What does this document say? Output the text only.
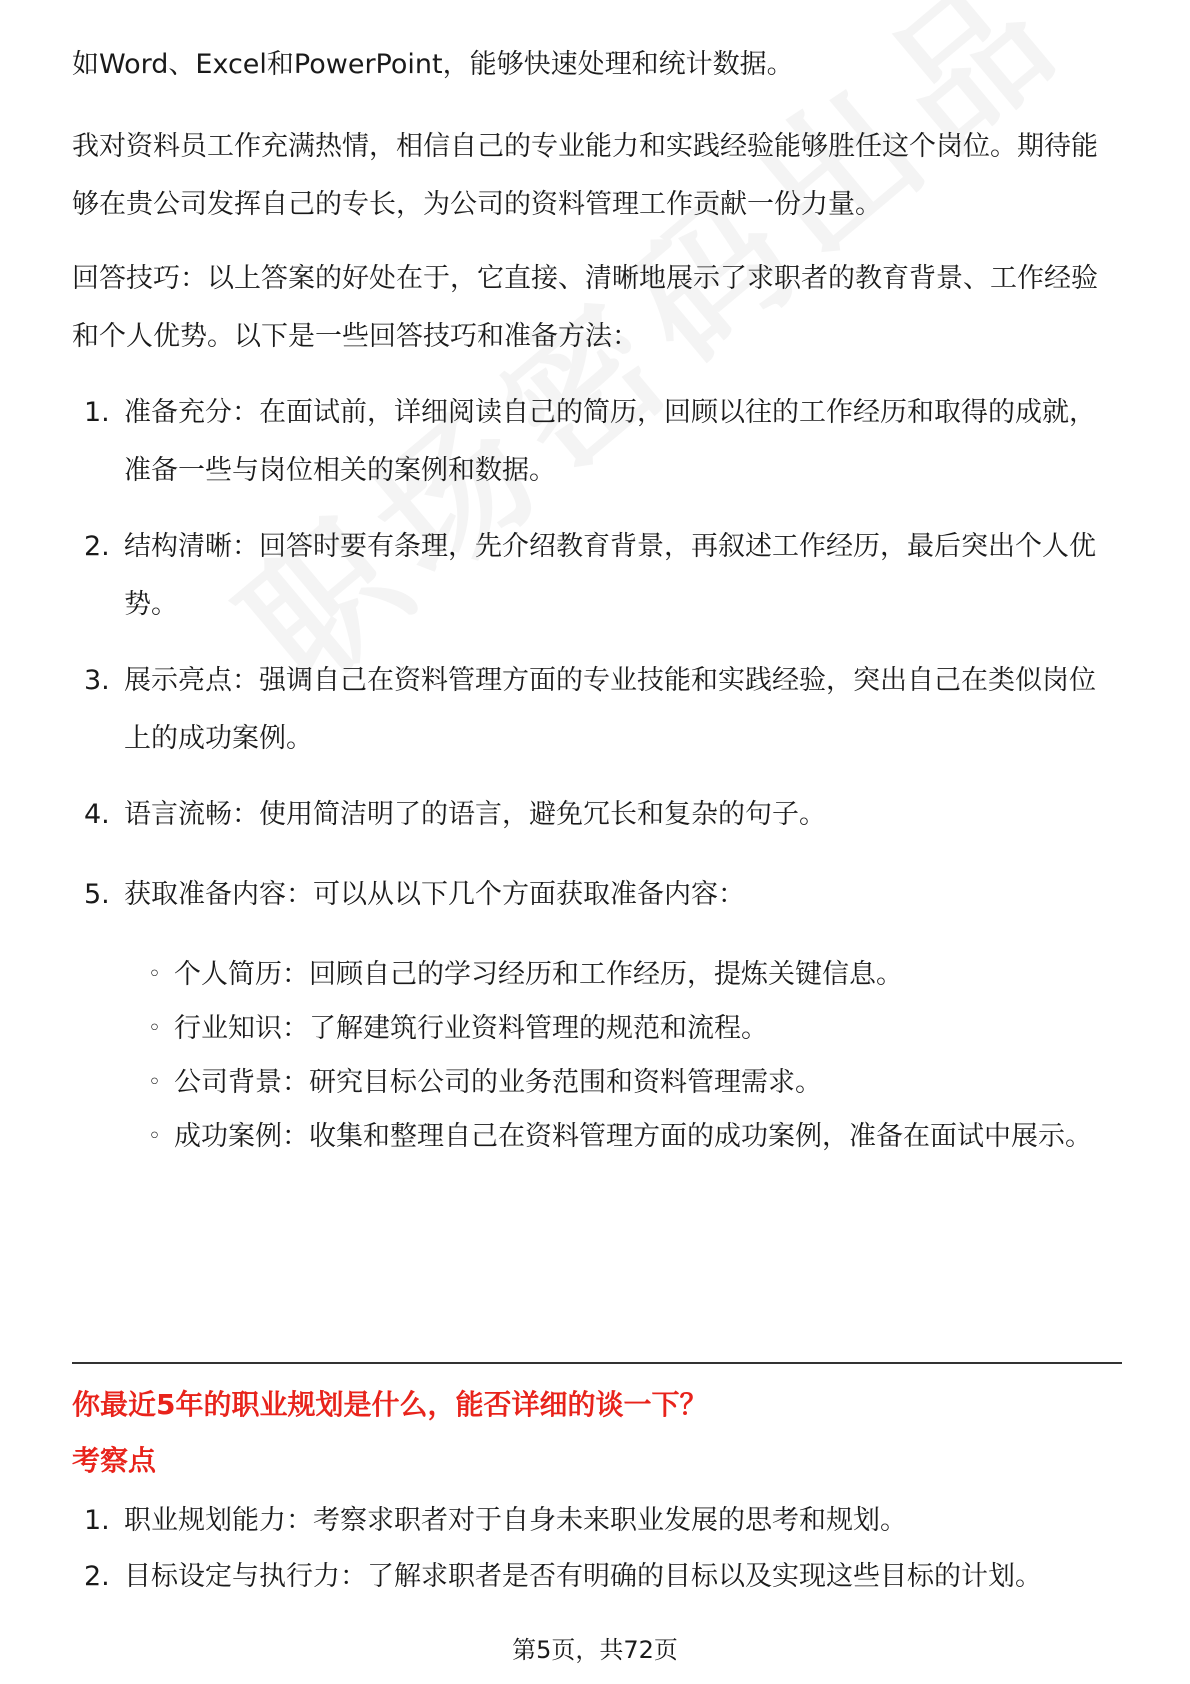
如Word、Excel和PowerPoint，能够快速处理和统计数据。

我对资料员工作充满热情，相信自己的专业能力和实践经验能够胜任这个岗位。期待能够在贵公司发挥自己的专长，为公司的资料管理工作贡献一份力量。

回答技巧：以上答案的好处在于，它直接、清晰地展示了求职者的教育背景、工作经验和个人优势。以下是一些回答技巧和准备方法：

1. 准备充分：在面试前，详细阅读自己的简历，回顾以往的工作经历和取得的成就，准备一些与岗位相关的案例和数据。
2. 结构清晰：回答时要有条理，先介绍教育背景，再叙述工作经历，最后突出个人优势。
3. 展示亮点：强调自己在资料管理方面的专业技能和实践经验，突出自己在类似岗位上的成功案例。
4. 语言流畅：使用简洁明了的语言，避免冗长和复杂的句子。
5. 获取准备内容：可以从以下几个方面获取准备内容：
◦ 个人简历：回顾自己的学习经历和工作经历，提炼关键信息。
◦ 行业知识：了解建筑行业资料管理的规范和流程。
◦ 公司背景：研究目标公司的业务范围和资料管理需求。
◦ 成功案例：收集和整理自己在资料管理方面的成功案例，准备在面试中展示。
你最近5年的职业规划是什么，能否详细的谈一下？
考察点
1. 职业规划能力：考察求职者对于自身未来职业发展的思考和规划。
2. 目标设定与执行力：了解求职者是否有明确的目标以及实现这些目标的计划。
第5页，共72页
